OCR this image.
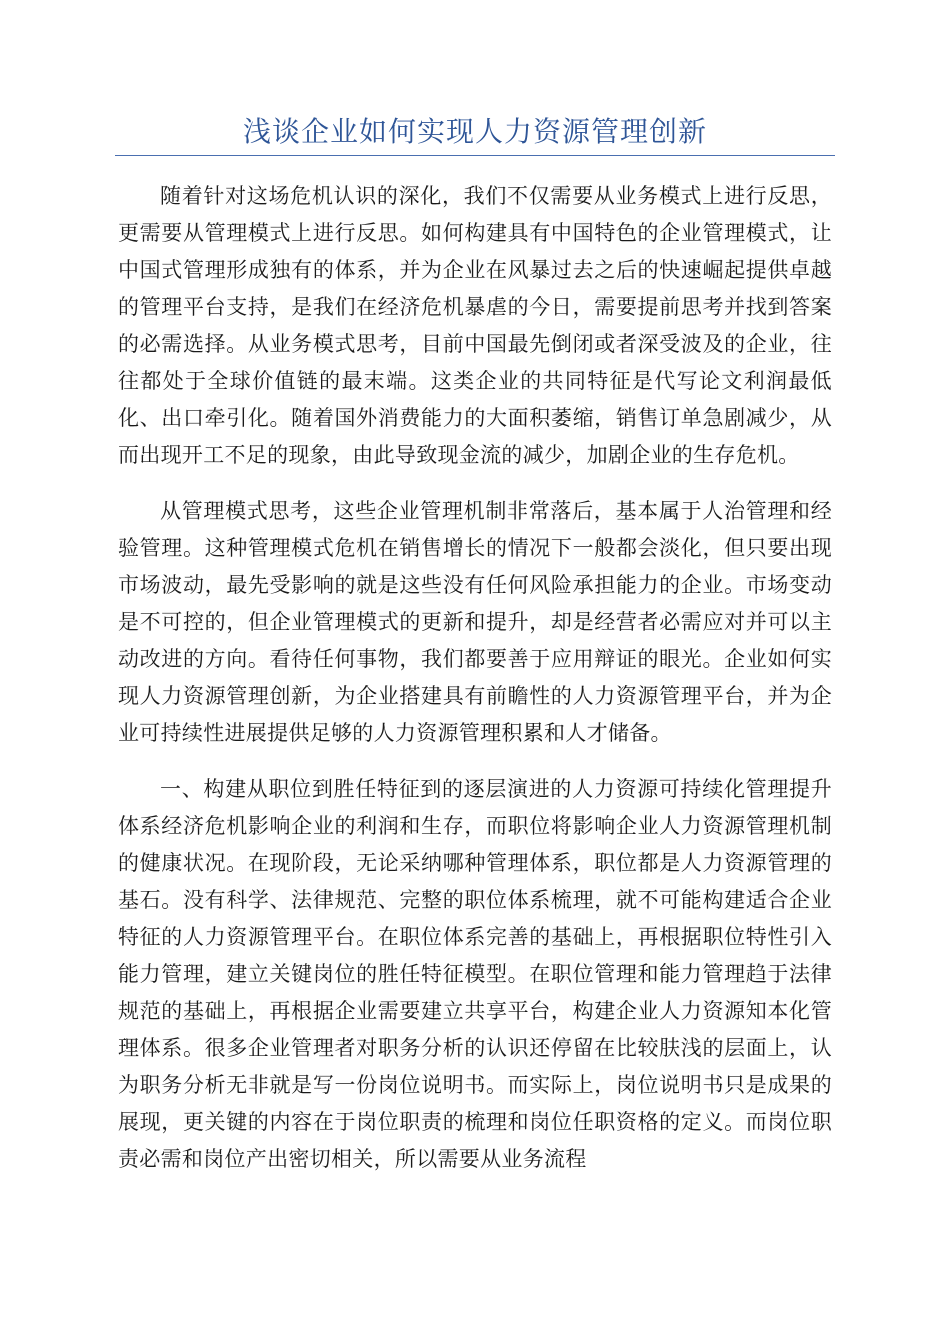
浅谈企业如何实现人力资源管理创新

随着针对这场危机认识的深化，我们不仅需要从业务模式上进行反思，更需要从管理模式上进行反思。如何构建具有中国特色的企业管理模式，让中国式管理形成独有的体系，并为企业在风暴过去之后的快速崛起提供卓越的管理平台支持，是我们在经济危机暴虐的今日，需要提前思考并找到答案的必需选择。从业务模式思考，目前中国最先倒闭或者深受波及的企业，往往都处于全球价值链的最末端。这类企业的共同特征是代写论文利润最低化、出口牵引化。随着国外消费能力的大面积萎缩，销售订单急剧减少，从而出现开工不足的现象，由此导致现金流的减少，加剧企业的生存危机。

从管理模式思考，这些企业管理机制非常落后，基本属于人治管理和经验管理。这种管理模式危机在销售增长的情况下一般都会淡化，但只要出现市场波动，最先受影响的就是这些没有任何风险承担能力的企业。市场变动是不可控的，但企业管理模式的更新和提升，却是经营者必需应对并可以主动改进的方向。看待任何事物，我们都要善于应用辩证的眼光。企业如何实现人力资源管理创新，为企业搭建具有前瞻性的人力资源管理平台，并为企业可持续性进展提供足够的人力资源管理积累和人才储备。

一、构建从职位到胜任特征到的逐层演进的人力资源可持续化管理提升体系经济危机影响企业的利润和生存，而职位将影响企业人力资源管理机制的健康状况。在现阶段，无论采纳哪种管理体系，职位都是人力资源管理的基石。没有科学、法律规范、完整的职位体系梳理，就不可能构建适合企业特征的人力资源管理平台。在职位体系完善的基础上，再根据职位特性引入能力管理，建立关键岗位的胜任特征模型。在职位管理和能力管理趋于法律规范的基础上，再根据企业需要建立共享平台，构建企业人力资源知本化管理体系。很多企业管理者对职务分析的认识还停留在比较肤浅的层面上，认为职务分析无非就是写一份岗位说明书。而实际上，岗位说明书只是成果的展现，更关键的内容在于岗位职责的梳理和岗位任职资格的定义。而岗位职责必需和岗位产出密切相关，所以需要从业务流程
